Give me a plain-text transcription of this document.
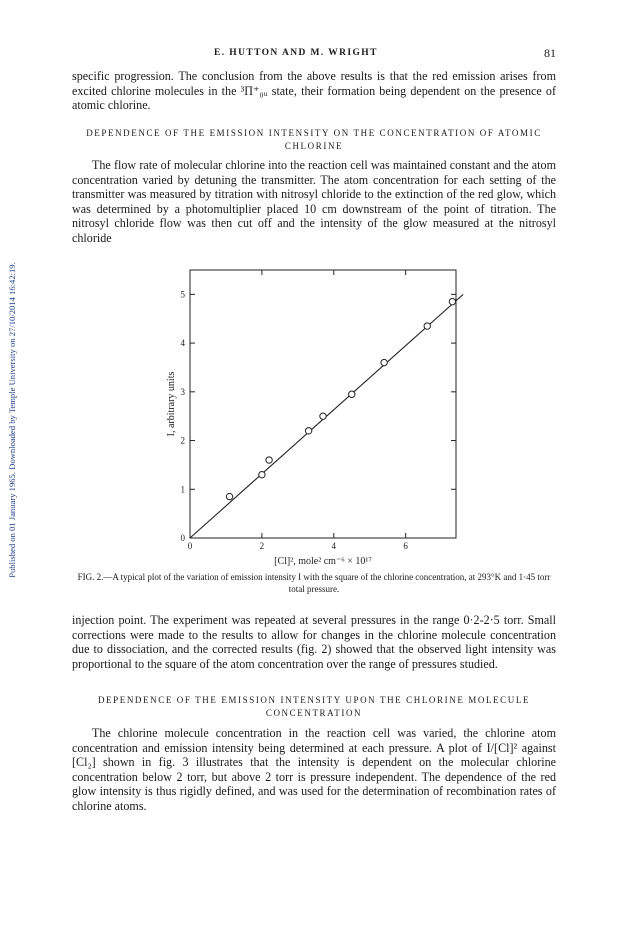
Published on 01 January 1965. Downloaded by Temple University on 27/10/2014 16:42:19.
E. HUTTON AND M. WRIGHT	81

specific progression. The conclusion from the above results is that the red emission arises from excited chlorine molecules in the ³Π⁺₀ᵤ state, their formation being dependent on the presence of atomic chlorine.

DEPENDENCE OF THE EMISSION INTENSITY ON THE CONCENTRATION OF ATOMIC CHLORINE

The flow rate of molecular chlorine into the reaction cell was maintained constant and the atom concentration varied by detuning the transmitter. The atom concentration for each setting of the transmitter was measured by titration with nitrosyl chloride to the extinction of the red glow, which was determined by a photomultiplier placed 10 cm downstream of the point of titration. The nitrosyl chloride flow was then cut off and the intensity of the glow measured at the nitrosyl chloride

0
1
2
3
4
5
0	2	4	6
[Cl]², mole² cm⁻⁶ × 10¹⁷
I, arbitrary units

FIG. 2.—A typical plot of the variation of emission intensity I with the square of the chlorine concentration, at 293°K and 1·45 torr total pressure.

injection point. The experiment was repeated at several pressures in the range 0·2-2·5 torr. Small corrections were made to the results to allow for changes in the chlorine molecule concentration due to dissociation, and the corrected results (fig. 2) showed that the observed light intensity was proportional to the square of the atom concentration over the range of pressures studied.

DEPENDENCE OF THE EMISSION INTENSITY UPON THE CHLORINE MOLECULE CONCENTRATION

The chlorine molecule concentration in the reaction cell was varied, the chlorine atom concentration and emission intensity being determined at each pressure. A plot of I/[Cl]² against [Cl₂] shown in fig. 3 illustrates that the intensity is dependent on the molecular chlorine concentration below 2 torr, but above 2 torr is pressure independent. The dependence of the red glow intensity is thus rigidly defined, and was used for the determination of recombination rates of chlorine atoms.
